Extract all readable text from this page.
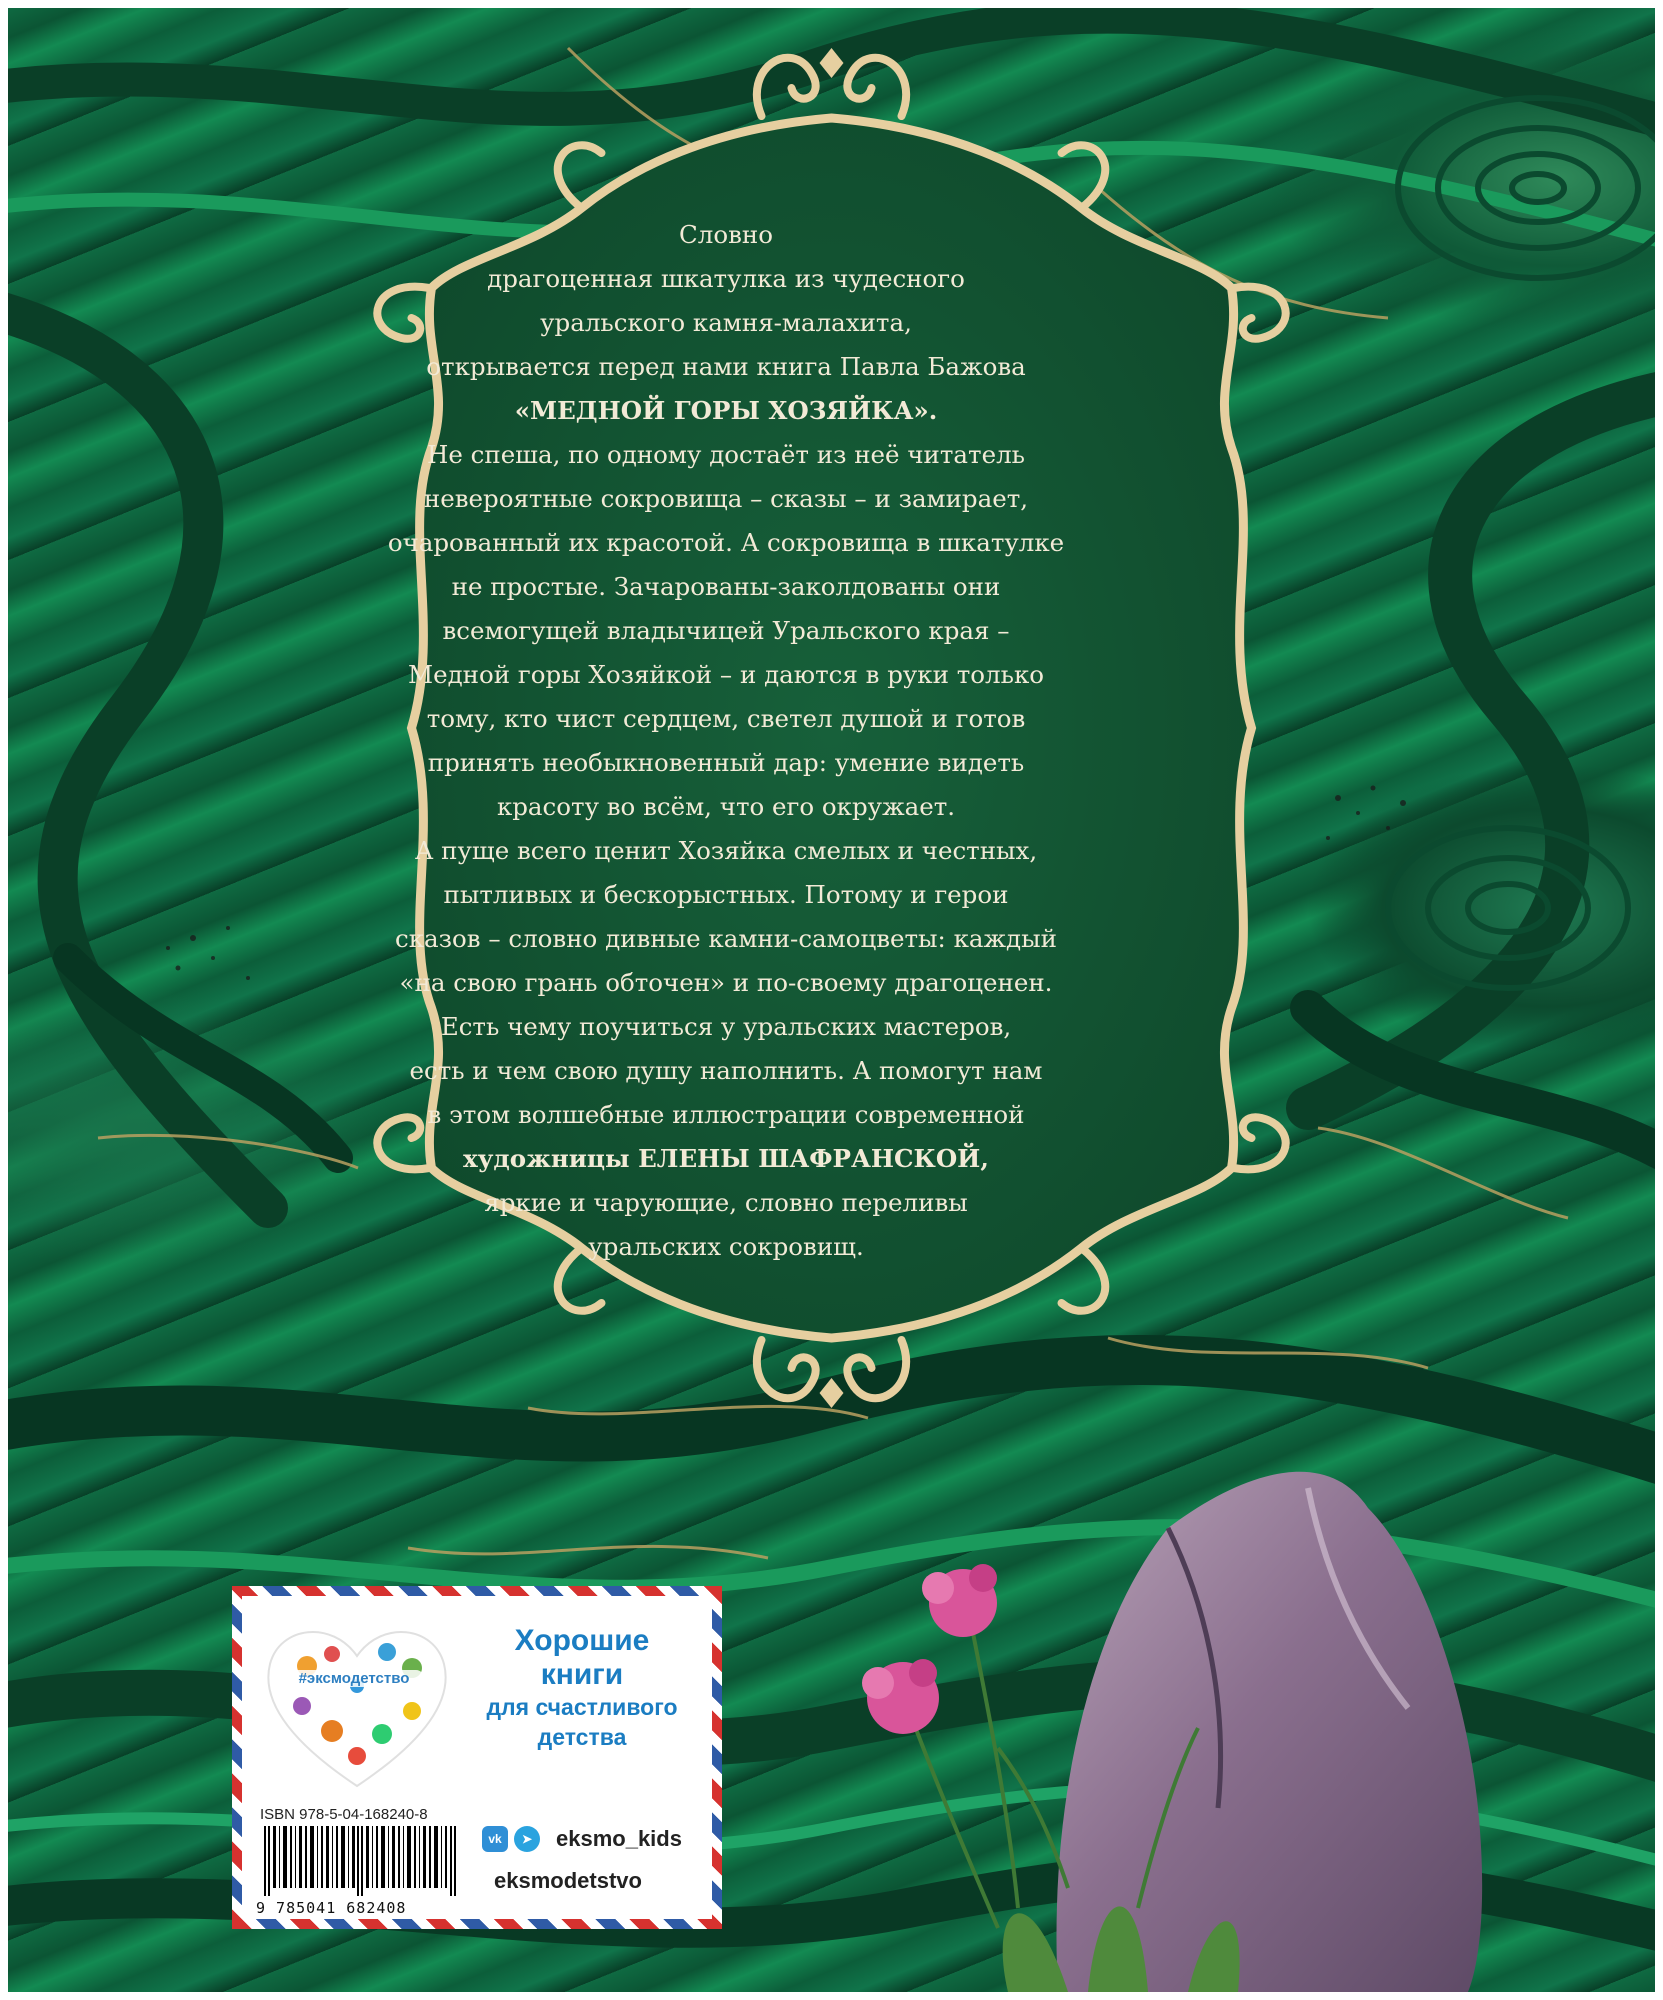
Словно

драгоценная шкатулка из чудесного

уральского камня-малахита,

открывается перед нами книга Павла Бажова

«МЕДНОЙ ГОРЫ ХОЗЯЙКА».

Не спеша, по одному достаёт из неё читатель

невероятные сокровища – сказы – и замирает,

очарованный их красотой. А сокровища в шкатулке

не простые. Зачарованы-заколдованы они

всемогущей владычицей Уральского края –

Медной горы Хозяйкой – и даются в руки только

тому, кто чист сердцем, светел душой и готов

принять необыкновенный дар: умение видеть

красоту во всём, что его окружает.

А пуще всего ценит Хозяйка смелых и честных,

пытливых и бескорыстных. Потому и герои

сказов – словно дивные камни-самоцветы: каждый

«на свою грань обточен» и по-своему драгоценен.

Есть чему поучиться у уральских мастеров,

есть и чем свою душу наполнить. А помогут нам

в этом волшебные иллюстрации современной

художницы ЕЛЕНЫ ШАФРАНСКОЙ,

яркие и чарующие, словно переливы

уральских сокровищ.

#эксмодетство
Хорошие
книги
для счастливого
детства
ISBN 978-5-04-168240-8
9 785041 682408
vk	➤	eksmo_kids
eksmodetstvo
